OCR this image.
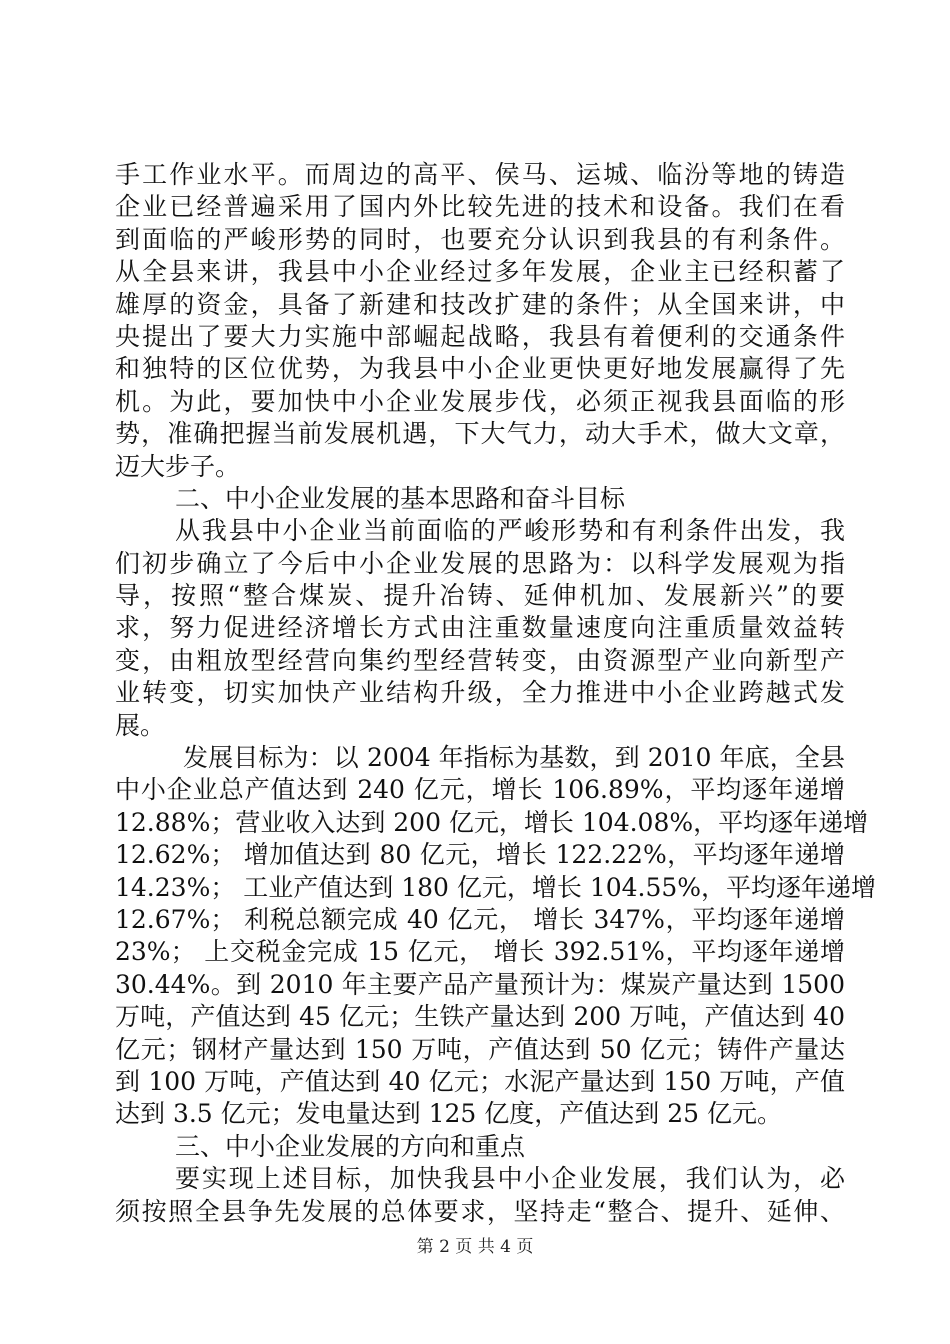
手工作业水平。而周边的高平、侯马、运城、临汾等地的铸造
企业已经普遍采用了国内外比较先进的技术和设备。我们在看
到面临的严峻形势的同时，也要充分认识到我县的有利条件。
从全县来讲，我县中小企业经过多年发展，企业主已经积蓄了
雄厚的资金，具备了新建和技改扩建的条件；从全国来讲，中
央提出了要大力实施中部崛起战略，我县有着便利的交通条件
和独特的区位优势，为我县中小企业更快更好地发展赢得了先
机。为此，要加快中小企业发展步伐，必须正视我县面临的形
势，准确把握当前发展机遇，下大气力，动大手术，做大文章，
迈大步子。
二、中小企业发展的基本思路和奋斗目标
从我县中小企业当前面临的严峻形势和有利条件出发，我
们初步确立了今后中小企业发展的思路为：以科学发展观为指
导，按照“整合煤炭、提升冶铸、延伸机加、发展新兴”的要
求，努力促进经济增长方式由注重数量速度向注重质量效益转
变，由粗放型经营向集约型经营转变，由资源型产业向新型产
业转变，切实加快产业结构升级，全力推进中小企业跨越式发
展。
发展目标为：以 2004 年指标为基数，到 2010 年底，全县
中小企业总产值达到 240 亿元，增长 106.89%，平均逐年递增
12.88%；营业收入达到 200 亿元，增长 104.08%，平均逐年递增
12.62%； 增加值达到 80 亿元，增长 122.22%，平均逐年递增
14.23%； 工业产值达到 180 亿元，增长 104.55%，平均逐年递增
12.67%； 利税总额完成 40 亿元， 增长 347%，平均逐年递增
23%； 上交税金完成 15 亿元， 增长 392.51%，平均逐年递增
30.44%。到 2010 年主要产品产量预计为：煤炭产量达到 1500
万吨，产值达到 45 亿元；生铁产量达到 200 万吨，产值达到 40
亿元；钢材产量达到 150 万吨，产值达到 50 亿元；铸件产量达
到 100 万吨，产值达到 40 亿元；水泥产量达到 150 万吨，产值
达到 3.5 亿元；发电量达到 125 亿度，产值达到 25 亿元。
三、中小企业发展的方向和重点
要实现上述目标，加快我县中小企业发展，我们认为，必
须按照全县争先发展的总体要求，坚持走“整合、提升、延伸、
第 2 页 共 4 页
